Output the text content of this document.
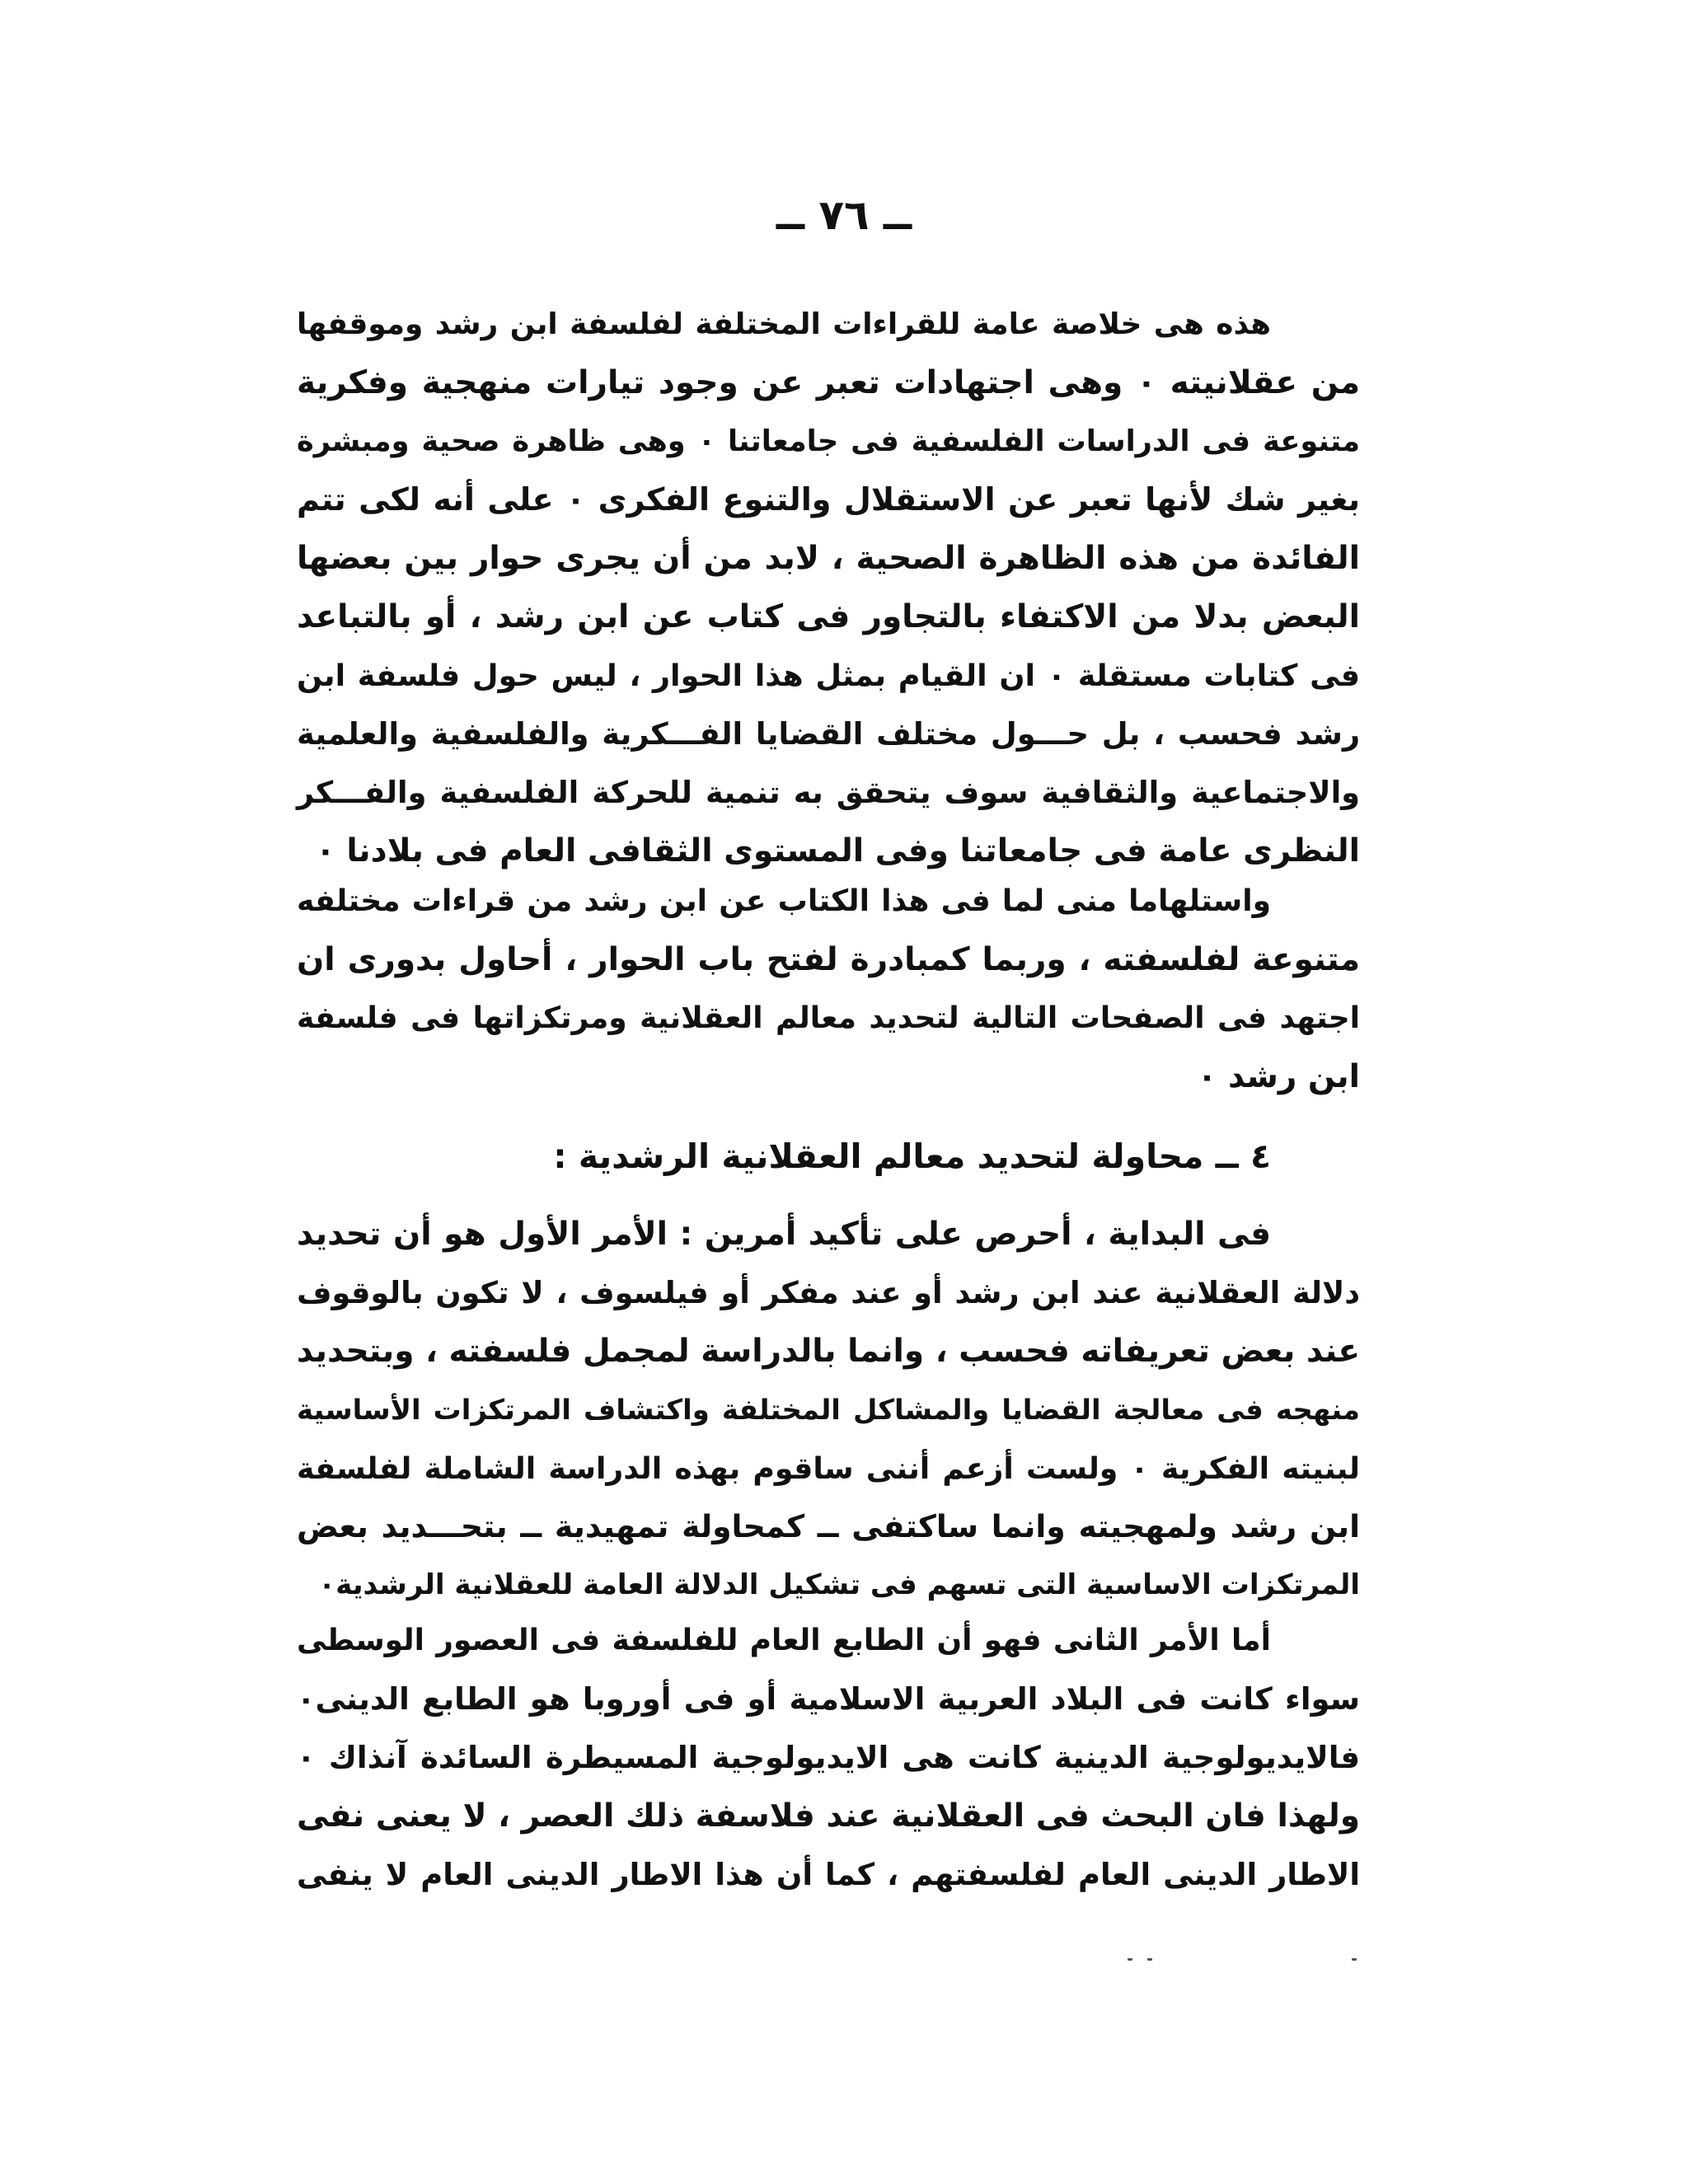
ــ ٧٦ ــ
هذه هى خلاصة عامة للقراءات المختلفة لفلسفة ابن رشد وموقفها
من عقلانيته ٠ وهى اجتهادات تعبر عن وجود تيارات منهجية وفكرية
متنوعة فى الدراسات الفلسفية فى جامعاتنا ٠ وهى ظاهرة صحية ومبشرة
بغير شك لأنها تعبر عن الاستقلال والتنوع الفكرى ٠ على أنه لكى تتم
الفائدة من هذه الظاهرة الصحية ، لابد من أن يجرى حوار بين بعضها
البعض بدلا من الاكتفاء بالتجاور فى كتاب عن ابن رشد ، أو بالتباعد
فى كتابات مستقلة ٠ ان القيام بمثل هذا الحوار ، ليس حول فلسفة ابن
رشد فحسب ، بل حـــول مختلف القضايا الفـــكرية والفلسفية والعلمية
والاجتماعية والثقافية سوف يتحقق به تنمية للحركة الفلسفية والفـــكر
النظرى عامة فى جامعاتنا وفى المستوى الثقافى العام فى بلادنا ٠
واستلهاما منى لما فى هذا الكتاب عن ابن رشد من قراءات مختلفه
متنوعة لفلسفته ، وربما كمبادرة لفتح باب الحوار ، أحاول بدورى ان
اجتهد فى الصفحات التالية لتحديد معالم العقلانية ومرتكزاتها فى فلسفة
ابن رشد ٠
٤ ــ محاولة لتحديد معالم العقلانية الرشدية :
فى البداية ، أحرص على تأكيد أمرين : الأمر الأول هو أن تحديد
دلالة العقلانية عند ابن رشد أو عند مفكر أو فيلسوف ، لا تكون بالوقوف
عند بعض تعريفاته فحسب ، وانما بالدراسة لمجمل فلسفته ، وبتحديد
منهجه فى معالجة القضايا والمشاكل المختلفة واكتشاف المرتكزات الأساسية
لبنيته الفكرية ٠ ولست أزعم أننى ساقوم بهذه الدراسة الشاملة لفلسفة
ابن رشد ولمهجيته وانما ساكتفى ــ كمحاولة تمهيدية ــ بتحـــديد بعض
المرتكزات الاساسية التى تسهم فى تشكيل الدلالة العامة للعقلانية الرشدية٠
أما الأمر الثانى فهو أن الطابع العام للفلسفة فى العصور الوسطى
سواء كانت فى البلاد العربية الاسلامية أو فى أوروبا هو الطابع الدينى٠
فالايديولوجية الدينية كانت هى الايديولوجية المسيطرة السائدة آنذاك ٠
ولهذا فان البحث فى العقلانية عند فلاسفة ذلك العصر ، لا يعنى نفى
الاطار الدينى العام لفلسفتهم ، كما أن هذا الاطار الدينى العام لا ينفى
